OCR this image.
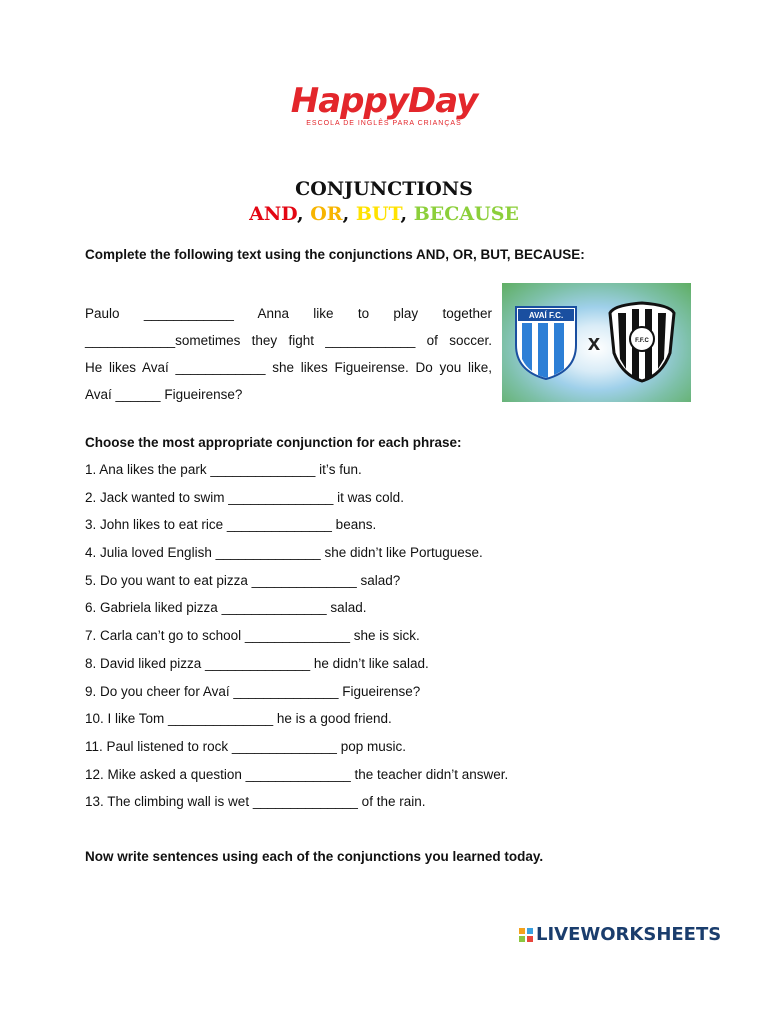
HappyDay
ESCOLA DE INGLÊS PARA CRIANÇAS
CONJUNCTIONS
AND, OR, BUT, BECAUSE
Complete the following text using the conjunctions AND, OR, BUT, BECAUSE:
Paulo ____________ Anna like to play together
____________sometimes they fight ____________ of soccer.
He likes Avaí ____________ she likes Figueirense. Do you like,
Avaí ______ Figueirense?
AVAÍ F.C.
x	F.F.C
Choose the most appropriate conjunction for each phrase:
1. Ana likes the park ______________ it’s fun.
2. Jack wanted to swim ______________ it was cold.
3. John likes to eat rice ______________ beans.
4. Julia loved English ______________ she didn’t like Portuguese.
5. Do you want to eat pizza ______________ salad?
6. Gabriela liked pizza ______________ salad.
7. Carla can’t go to school ______________ she is sick.
8. David liked pizza ______________ he didn’t like salad.
9. Do you cheer for Avaí ______________ Figueirense?
10. I like Tom ______________ he is a good friend.
11. Paul listened to rock ______________ pop music.
12. Mike asked a question ______________ the teacher didn’t answer.
13. The climbing wall is wet ______________ of the rain.
Now write sentences using each of the conjunctions you learned today.
LIVEWORKSHEETS
